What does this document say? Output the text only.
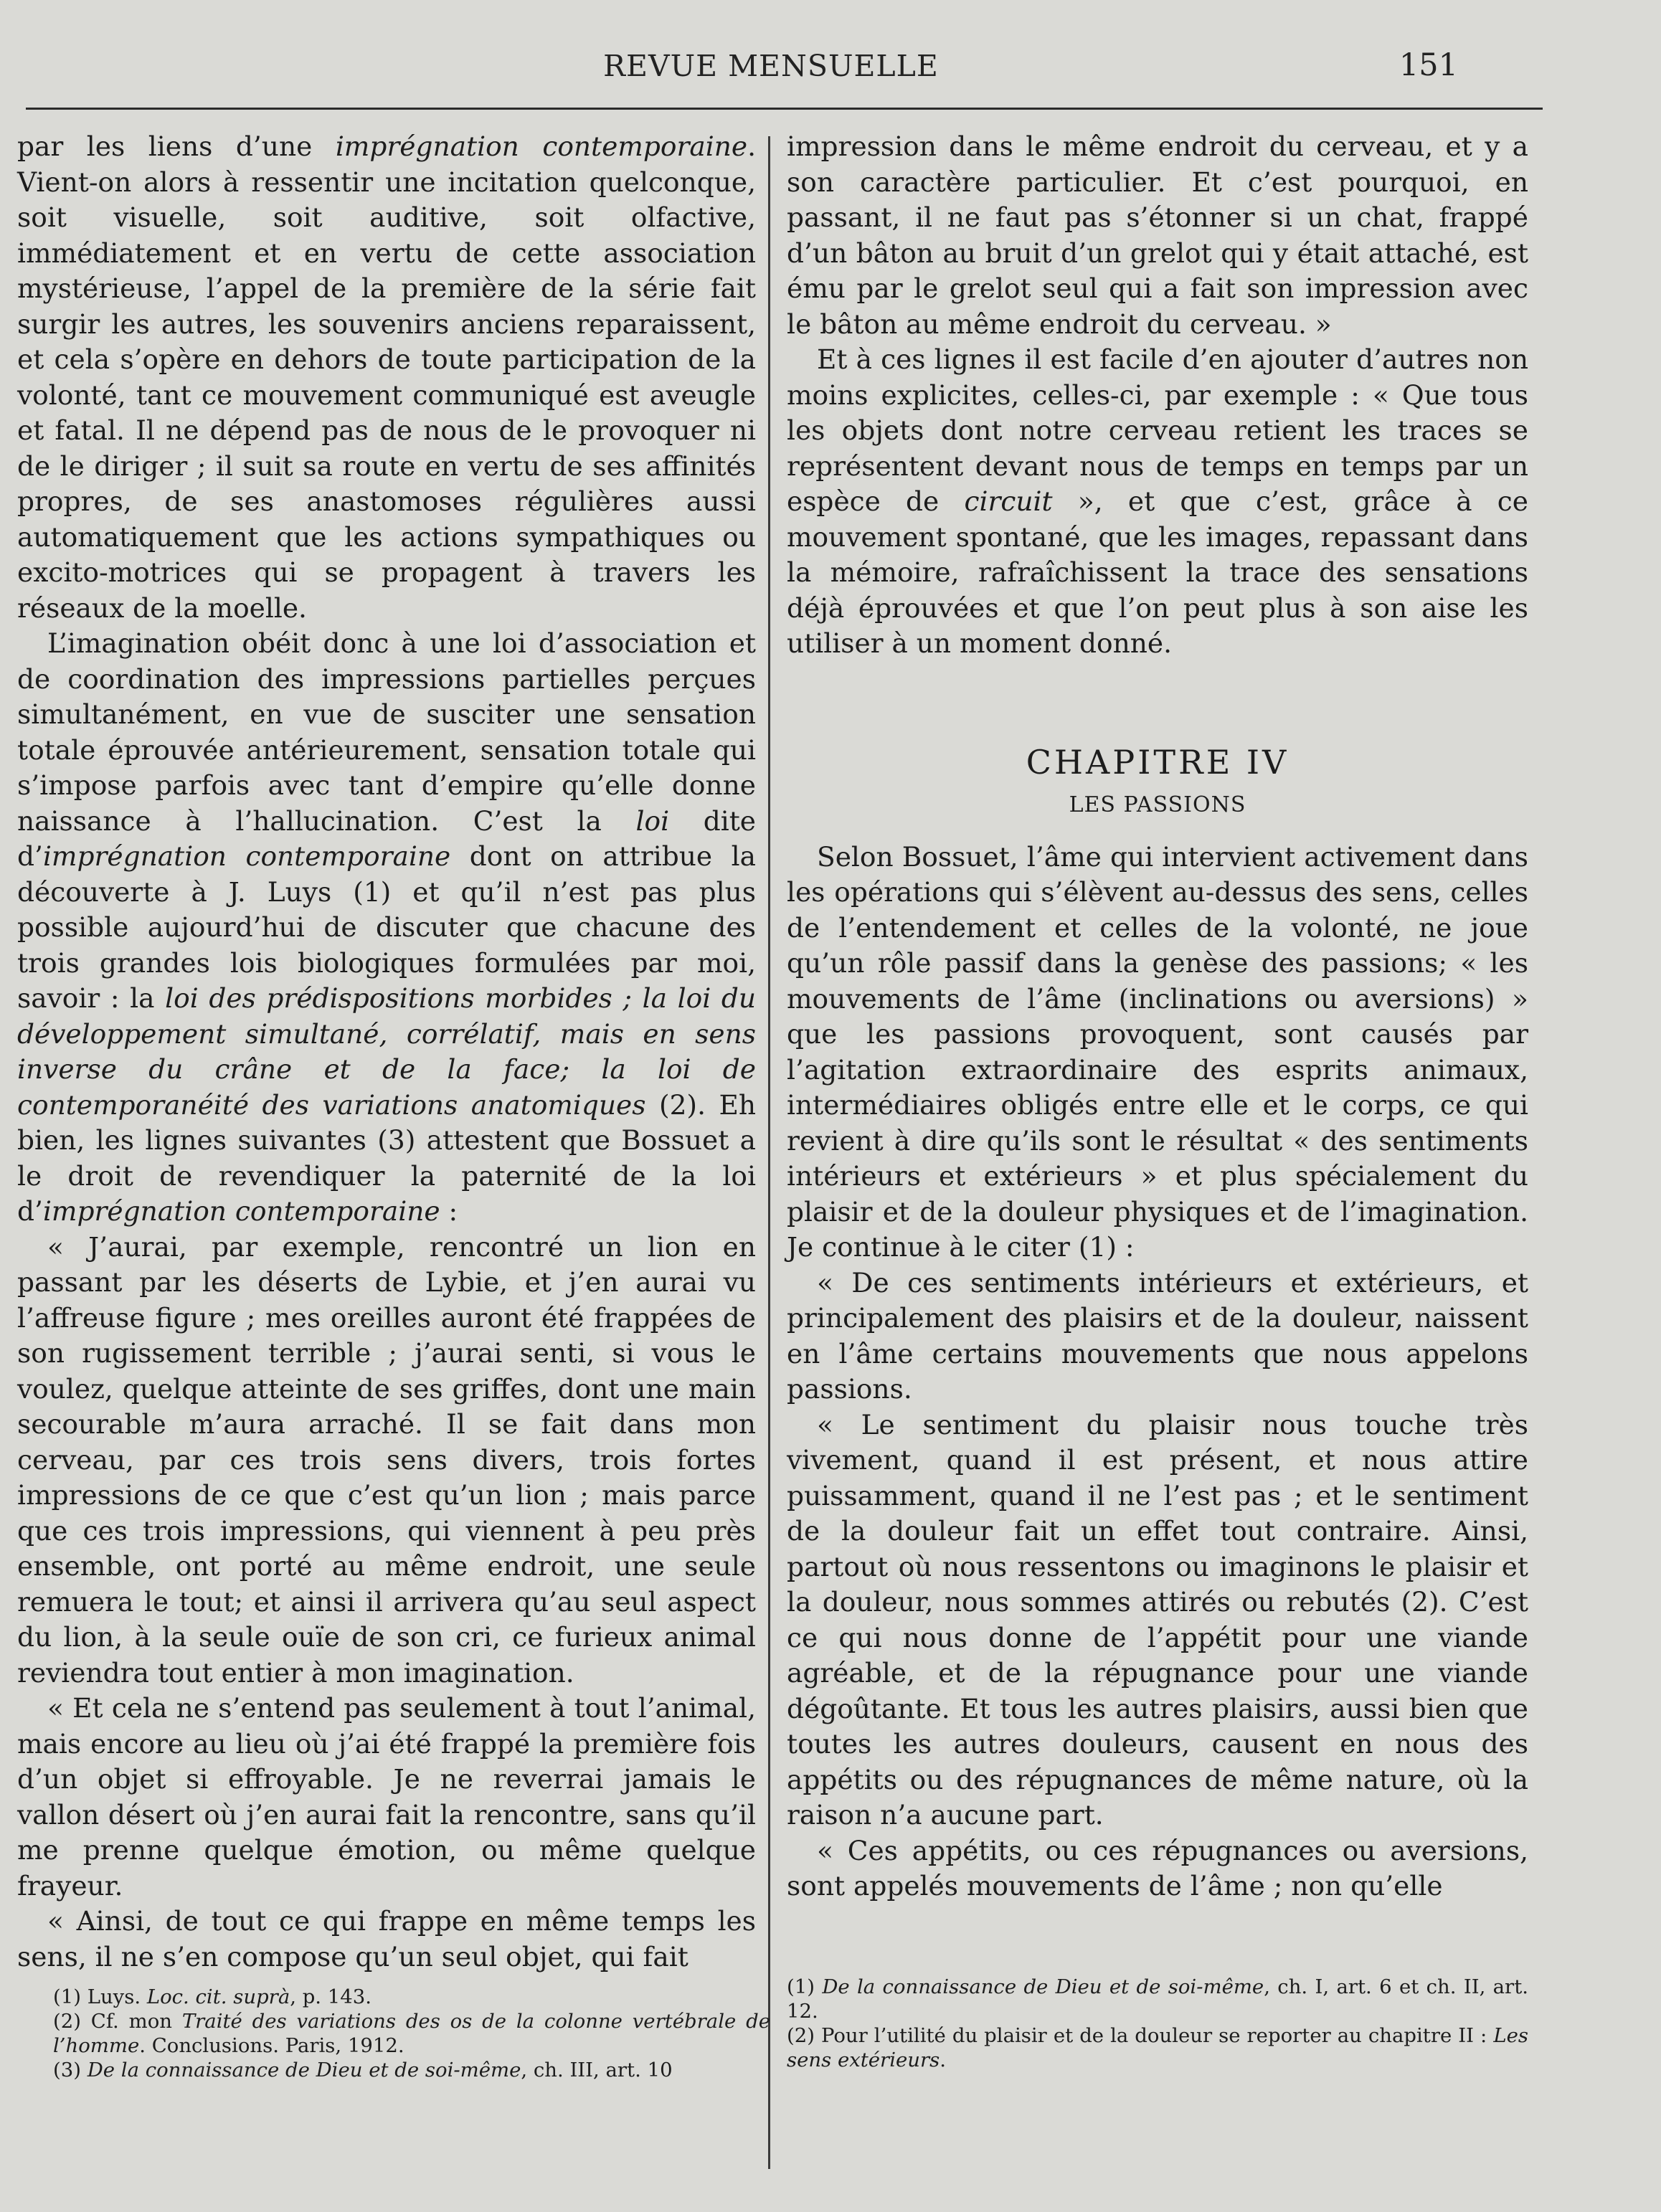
REVUE MENSUELLE	151

par les liens d’une imprégnation contemporaine. Vient-on alors à ressentir une incitation quelconque, soit visuelle, soit auditive, soit olfactive, immédiatement et en vertu de cette association mystérieuse, l’appel de la première de la série fait surgir les autres, les souvenirs anciens reparaissent, et cela s’opère en dehors de toute participation de la volonté, tant ce mouvement communiqué est aveugle et fatal. Il ne dépend pas de nous de le provoquer ni de le diriger ; il suit sa route en vertu de ses affinités propres, de ses anastomoses régulières aussi automatiquement que les actions sympathiques ou excito-motrices qui se propagent à travers les réseaux de la moelle.

L’imagination obéit donc à une loi d’association et de coordination des impressions partielles perçues simultanément, en vue de susciter une sensation totale éprouvée antérieurement, sensation totale qui s’impose parfois avec tant d’empire qu’elle donne naissance à l’hallucination. C’est la loi dite d’imprégnation contemporaine dont on attribue la découverte à J. Luys (1) et qu’il n’est pas plus possible aujourd’hui de discuter que chacune des trois grandes lois biologiques formulées par moi, savoir : la loi des prédispositions morbides ; la loi du développement simultané, corrélatif, mais en sens inverse du crâne et de la face; la loi de contemporanéité des variations anatomiques (2). Eh bien, les lignes suivantes (3) attestent que Bossuet a le droit de revendiquer la paternité de la loi d’imprégnation contemporaine :

« J’aurai, par exemple, rencontré un lion en passant par les déserts de Lybie, et j’en aurai vu l’affreuse figure ; mes oreilles auront été frappées de son rugissement terrible ; j’aurai senti, si vous le voulez, quelque atteinte de ses griffes, dont une main secourable m’aura arraché. Il se fait dans mon cerveau, par ces trois sens divers, trois fortes impressions de ce que c’est qu’un lion ; mais parce que ces trois impressions, qui viennent à peu près ensemble, ont porté au même endroit, une seule remuera le tout; et ainsi il arrivera qu’au seul aspect du lion, à la seule ouïe de son cri, ce furieux animal reviendra tout entier à mon imagination.

« Et cela ne s’entend pas seulement à tout l’animal, mais encore au lieu où j’ai été frappé la première fois d’un objet si effroyable. Je ne reverrai jamais le vallon désert où j’en aurai fait la rencontre, sans qu’il me prenne quelque émotion, ou même quelque frayeur.

« Ainsi, de tout ce qui frappe en même temps les sens, il ne s’en compose qu’un seul objet, qui fait

(1) Luys. Loc. cit. suprà, p. 143.

(2) Cf. mon Traité des variations des os de la colonne vertébrale de l’homme. Conclusions. Paris, 1912.

(3) De la connaissance de Dieu et de soi-même, ch. III, art. 10

impression dans le même endroit du cerveau, et y a son caractère particulier. Et c’est pourquoi, en passant, il ne faut pas s’étonner si un chat, frappé d’un bâton au bruit d’un grelot qui y était attaché, est ému par le grelot seul qui a fait son impression avec le bâton au même endroit du cerveau. »

Et à ces lignes il est facile d’en ajouter d’autres non moins explicites, celles-ci, par exemple : « Que tous les objets dont notre cerveau retient les traces se représentent devant nous de temps en temps par un espèce de circuit », et que c’est, grâce à ce mouvement spontané, que les images, repassant dans la mémoire, rafraîchissent la trace des sensations déjà éprouvées et que l’on peut plus à son aise les utiliser à un moment donné.

CHAPITRE IV
LES PASSIONS

Selon Bossuet, l’âme qui intervient activement dans les opérations qui s’élèvent au-dessus des sens, celles de l’entendement et celles de la volonté, ne joue qu’un rôle passif dans la genèse des passions; « les mouvements de l’âme (inclinations ou aversions) » que les passions provoquent, sont causés par l’agitation extraordinaire des esprits animaux, intermédiaires obligés entre elle et le corps, ce qui revient à dire qu’ils sont le résultat « des sentiments intérieurs et extérieurs » et plus spécialement du plaisir et de la douleur physiques et de l’imagination. Je continue à le citer (1) :

« De ces sentiments intérieurs et extérieurs, et principalement des plaisirs et de la douleur, naissent en l’âme certains mouvements que nous appelons passions.

« Le sentiment du plaisir nous touche très vivement, quand il est présent, et nous attire puissamment, quand il ne l’est pas ; et le sentiment de la douleur fait un effet tout contraire. Ainsi, partout où nous ressentons ou imaginons le plaisir et la douleur, nous sommes attirés ou rebutés (2). C’est ce qui nous donne de l’appétit pour une viande agréable, et de la répugnance pour une viande dégoûtante. Et tous les autres plaisirs, aussi bien que toutes les autres douleurs, causent en nous des appétits ou des répugnances de même nature, où la raison n’a aucune part.

« Ces appétits, ou ces répugnances ou aversions, sont appelés mouvements de l’âme ; non qu’elle

(1) De la connaissance de Dieu et de soi-même, ch. I, art. 6 et ch. II, art. 12.

(2) Pour l’utilité du plaisir et de la douleur se reporter au chapitre II : Les sens extérieurs.
